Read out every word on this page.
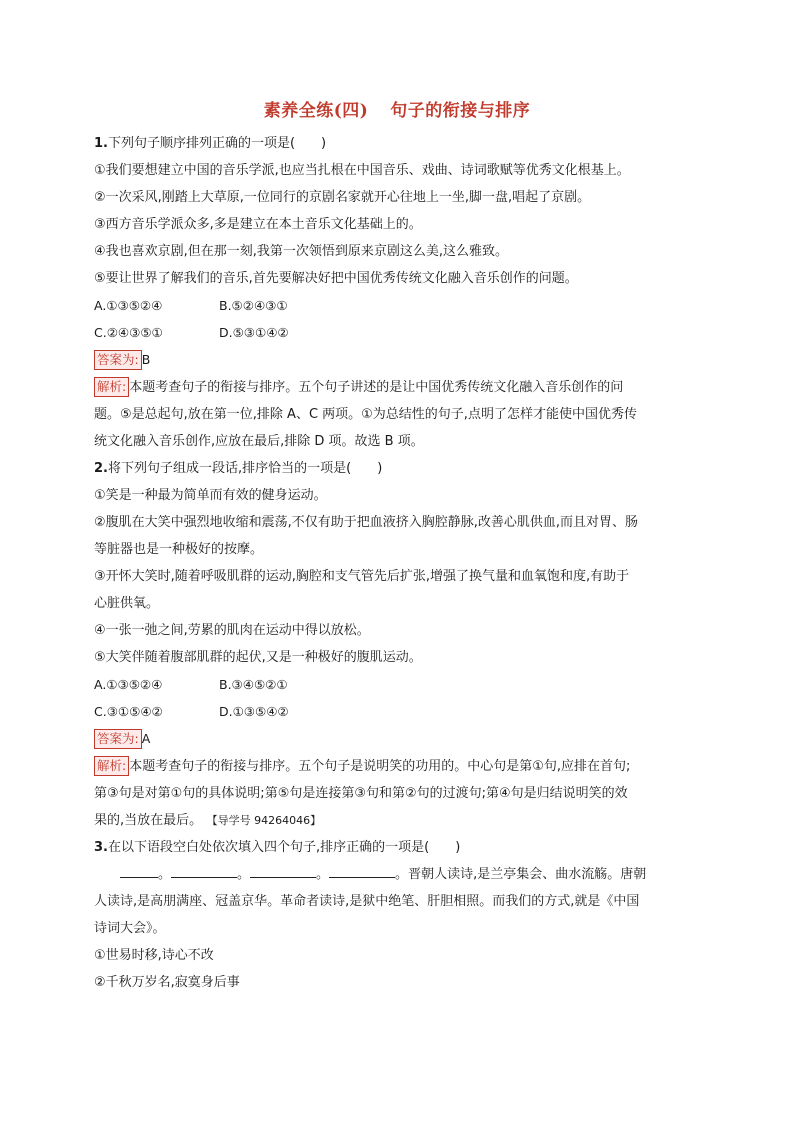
素养全练(四) 句子的衔接与排序
1.下列句子顺序排列正确的一项是(　　)
①我们要想建立中国的音乐学派,也应当扎根在中国音乐、戏曲、诗词歌赋等优秀文化根基上。
②一次采风,刚踏上大草原,一位同行的京剧名家就开心往地上一坐,脚一盘,唱起了京剧。
③西方音乐学派众多,多是建立在本土音乐文化基础上的。
④我也喜欢京剧,但在那一刻,我第一次领悟到原来京剧这么美,这么雅致。
⑤要让世界了解我们的音乐,首先要解决好把中国优秀传统文化融入音乐创作的问题。
A.①③⑤②④	B.⑤②④③①
C.②④③⑤①	D.⑤③①④②
答案为: B
解析: 本题考查句子的衔接与排序。五个句子讲述的是让中国优秀传统文化融入音乐创作的问
题。⑤是总起句,放在第一位,排除 A、C 两项。①为总结性的句子,点明了怎样才能使中国优秀传
统文化融入音乐创作,应放在最后,排除 D 项。故选 B 项。
2.将下列句子组成一段话,排序恰当的一项是(　　)
①笑是一种最为简单而有效的健身运动。
②腹肌在大笑中强烈地收缩和震荡,不仅有助于把血液挤入胸腔静脉,改善心肌供血,而且对胃、肠
等脏器也是一种极好的按摩。
③开怀大笑时,随着呼吸肌群的运动,胸腔和支气管先后扩张,增强了换气量和血氧饱和度,有助于
心脏供氧。
④一张一弛之间,劳累的肌肉在运动中得以放松。
⑤大笑伴随着腹部肌群的起伏,又是一种极好的腹肌运动。
A.①③⑤②④	B.③④⑤②①
C.③①⑤④②	D.①③⑤④②
答案为: A
解析: 本题考查句子的衔接与排序。五个句子是说明笑的功用的。中心句是第①句,应排在首句;
第③句是对第①句的具体说明;第⑤句是连接第③句和第②句的过渡句;第④句是归结说明笑的效
果的,当放在最后。 【导学号 94264046】
3.在以下语段空白处依次填入四个句子,排序正确的一项是(　　)
。	。	。	。晋朝人读诗,是兰亭集会、曲水流觞。唐朝
人读诗,是高朋满座、冠盖京华。革命者读诗,是狱中绝笔、肝胆相照。而我们的方式,就是《中国
诗词大会》。
①世易时移,诗心不改
②千秋万岁名,寂寞身后事
